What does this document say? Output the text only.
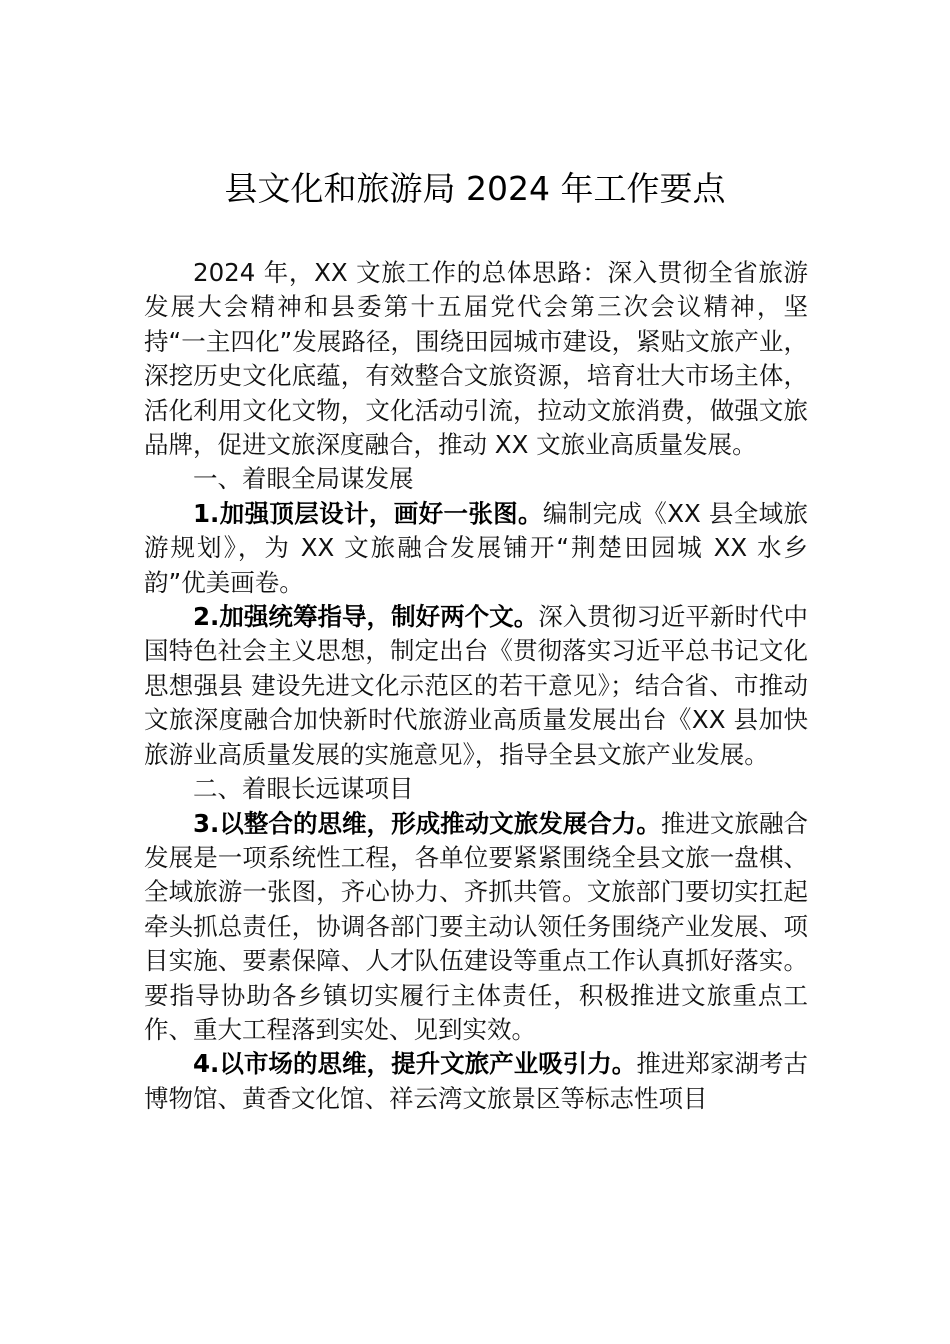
县文化和旅游局 2024 年工作要点

2024 年，XX 文旅工作的总体思路：深入贯彻全省旅游发展大会精神和县委第十五届党代会第三次会议精神，坚持“一主四化”发展路径，围绕田园城市建设，紧贴文旅产业，深挖历史文化底蕴，有效整合文旅资源，培育壮大市场主体，活化利用文化文物，文化活动引流，拉动文旅消费，做强文旅品牌，促进文旅深度融合，推动 XX 文旅业高质量发展。

一、着眼全局谋发展

1.加强顶层设计，画好一张图。编制完成《XX 县全域旅游规划》，为 XX 文旅融合发展铺开“荆楚田园城 XX 水乡韵”优美画卷。

2.加强统筹指导，制好两个文。深入贯彻习近平新时代中国特色社会主义思想，制定出台《贯彻落实习近平总书记文化思想强县 建设先进文化示范区的若干意见》；结合省、市推动文旅深度融合加快新时代旅游业高质量发展出台《XX 县加快旅游业高质量发展的实施意见》，指导全县文旅产业发展。

二、着眼长远谋项目

3.以整合的思维，形成推动文旅发展合力。推进文旅融合发展是一项系统性工程，各单位要紧紧围绕全县文旅一盘棋、全域旅游一张图，齐心协力、齐抓共管。文旅部门要切实扛起牵头抓总责任，协调各部门要主动认领任务围绕产业发展、项目实施、要素保障、人才队伍建设等重点工作认真抓好落实。要指导协助各乡镇切实履行主体责任，积极推进文旅重点工作、重大工程落到实处、见到实效。

4.以市场的思维，提升文旅产业吸引力。推进郑家湖考古博物馆、黄香文化馆、祥云湾文旅景区等标志性项目
